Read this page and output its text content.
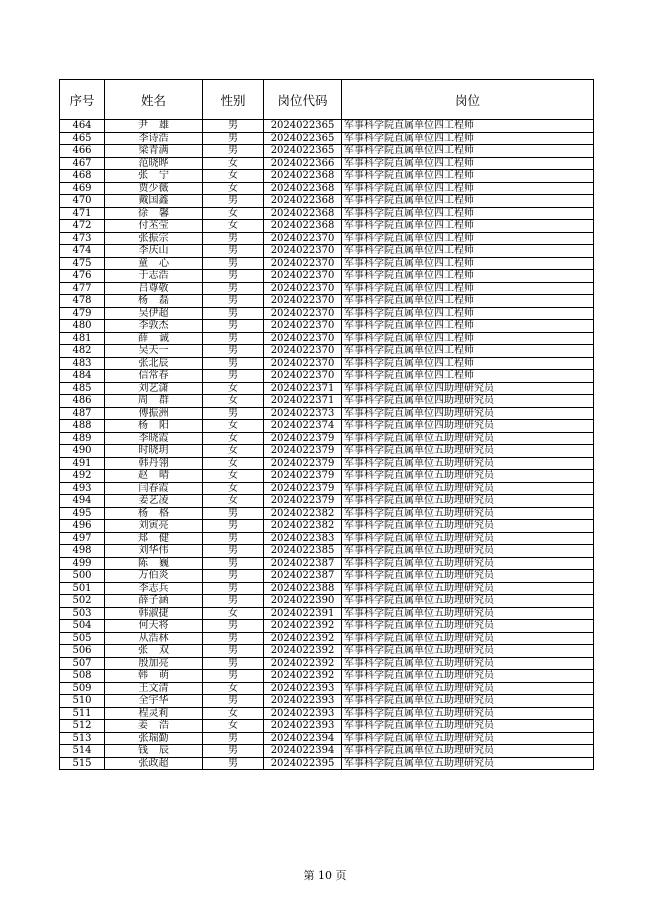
序号	姓名	性别	岗位代码	岗位
464	尹雄	男	2024022365	军事科学院直属单位四工程师
465	李诗浩	男	2024022365	军事科学院直属单位四工程师
466	梁青满	男	2024022365	军事科学院直属单位四工程师
467	范晓晔	女	2024022366	军事科学院直属单位四工程师
468	张宁	女	2024022368	军事科学院直属单位四工程师
469	贾少薇	女	2024022368	军事科学院直属单位四工程师
470	戴国鑫	男	2024022368	军事科学院直属单位四工程师
471	徐馨	女	2024022368	军事科学院直属单位四工程师
472	付苤莹	女	2024022368	军事科学院直属单位四工程师
473	张振宗	男	2024022370	军事科学院直属单位四工程师
474	李庆山	男	2024022370	军事科学院直属单位四工程师
475	童心	男	2024022370	军事科学院直属单位四工程师
476	于志浩	男	2024022370	军事科学院直属单位四工程师
477	吕尊敬	男	2024022370	军事科学院直属单位四工程师
478	杨磊	男	2024022370	军事科学院直属单位四工程师
479	吴伊超	男	2024022370	军事科学院直属单位四工程师
480	李敦杰	男	2024022370	军事科学院直属单位四工程师
481	薛诚	男	2024022370	军事科学院直属单位四工程师
482	吴天一	男	2024022370	军事科学院直属单位四工程师
483	张北辰	男	2024022370	军事科学院直属单位四工程师
484	信常春	男	2024022370	军事科学院直属单位四工程师
485	刘艺潇	女	2024022371	军事科学院直属单位四助理研究员
486	周群	女	2024022371	军事科学院直属单位四助理研究员
487	傅振洲	男	2024022373	军事科学院直属单位四助理研究员
488	杨阳	女	2024022374	军事科学院直属单位四助理研究员
489	李晓霞	女	2024022379	军事科学院直属单位五助理研究员
490	时晓玥	女	2024022379	军事科学院直属单位五助理研究员
491	韩丹翎	女	2024022379	军事科学院直属单位五助理研究员
492	赵晴	女	2024022379	军事科学院直属单位五助理研究员
493	闫春霞	女	2024022379	军事科学院直属单位五助理研究员
494	姜艺凌	女	2024022379	军事科学院直属单位五助理研究员
495	杨格	男	2024022382	军事科学院直属单位五助理研究员
496	刘寅亮	男	2024022382	军事科学院直属单位五助理研究员
497	郑健	男	2024022383	军事科学院直属单位五助理研究员
498	刘华伟	男	2024022385	军事科学院直属单位五助理研究员
499	陈巍	男	2024022387	军事科学院直属单位五助理研究员
500	万伯炎	男	2024022387	军事科学院直属单位五助理研究员
501	李志兵	男	2024022388	军事科学院直属单位五助理研究员
502	薛子涵	男	2024022390	军事科学院直属单位五助理研究员
503	韩淑捷	女	2024022391	军事科学院直属单位五助理研究员
504	何天将	男	2024022392	军事科学院直属单位五助理研究员
505	从浩林	男	2024022392	军事科学院直属单位五助理研究员
506	张双	男	2024022392	军事科学院直属单位五助理研究员
507	殷加亮	男	2024022392	军事科学院直属单位五助理研究员
508	韩萌	男	2024022392	军事科学院直属单位五助理研究员
509	王文清	女	2024022393	军事科学院直属单位五助理研究员
510	全宇华	男	2024022393	军事科学院直属单位五助理研究员
511	程灵莉	女	2024022393	军事科学院直属单位五助理研究员
512	姜浩	女	2024022393	军事科学院直属单位五助理研究员
513	张瑞勤	男	2024022394	军事科学院直属单位五助理研究员
514	钱辰	男	2024022394	军事科学院直属单位五助理研究员
515	张政超	男	2024022395	军事科学院直属单位五助理研究员
第 10 页
